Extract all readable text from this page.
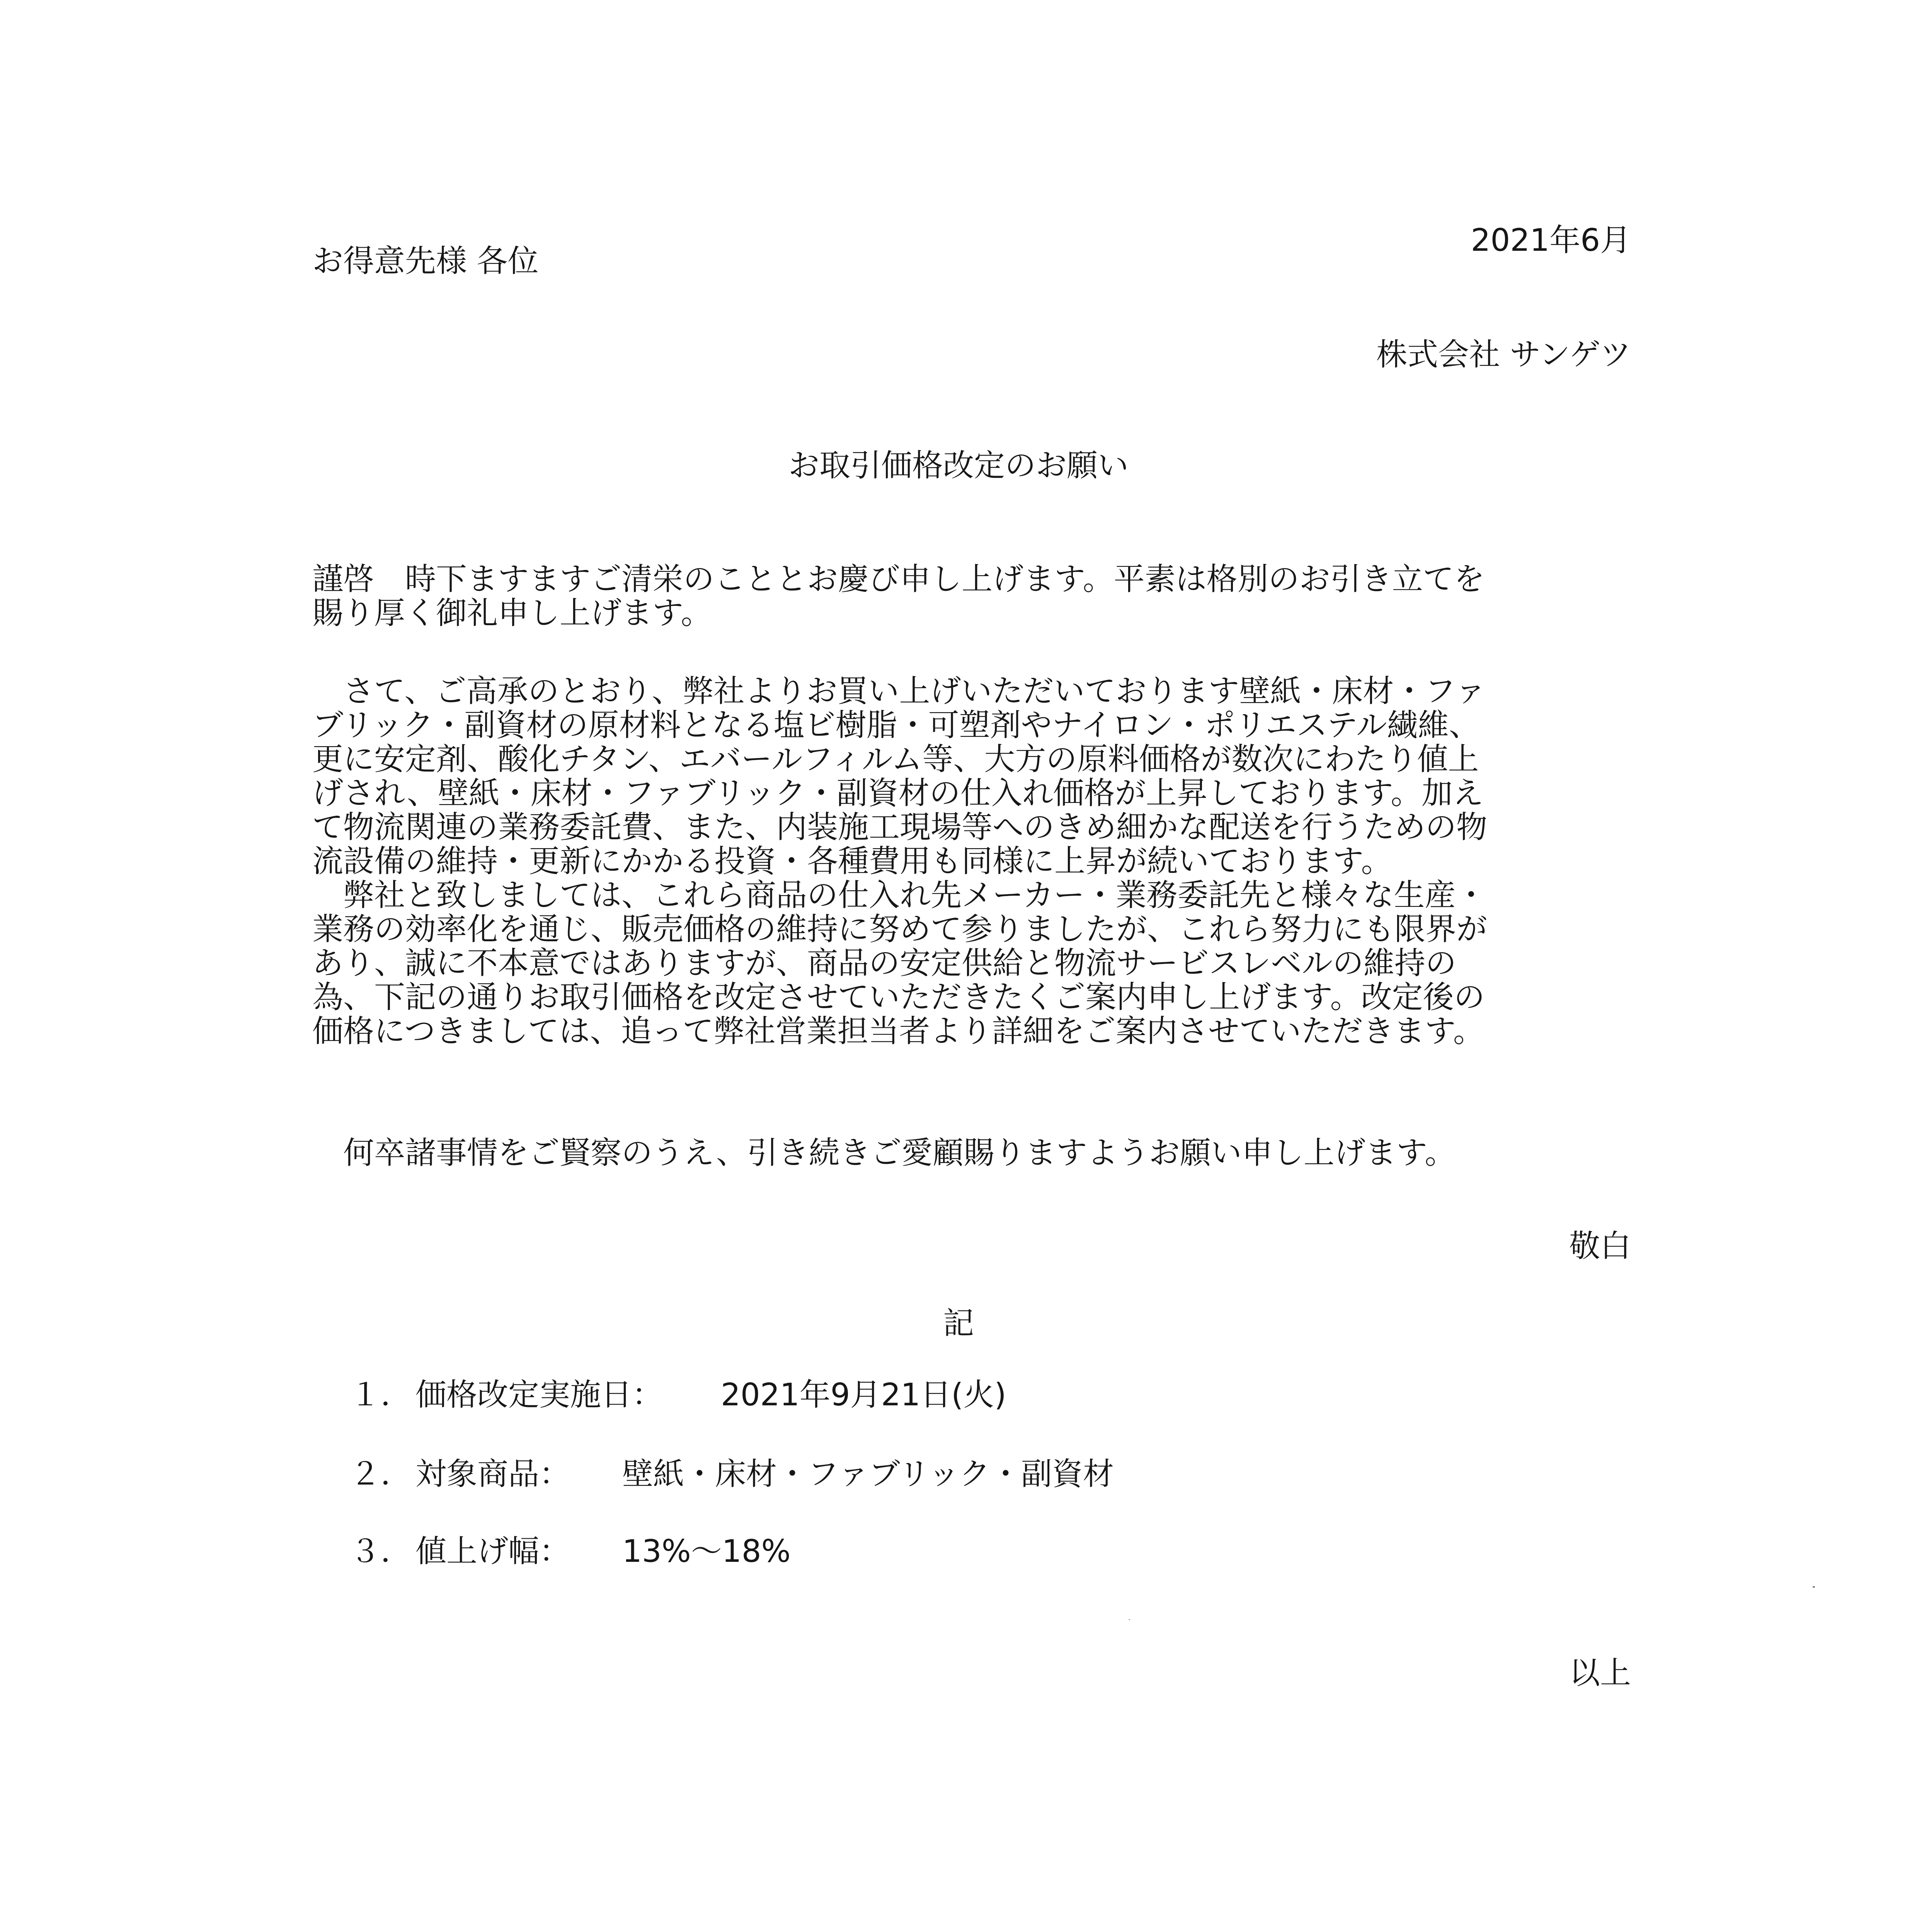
お得意先様 各位
2021年6月
株式会社 サンゲツ
お取引価格改定のお願い
謹啓　時下ますますご清栄のこととお慶び申し上げます。平素は格別のお引き立てを
賜り厚く御礼申し上げます。
　さて、ご高承のとおり、弊社よりお買い上げいただいております壁紙・床材・ファ
ブリック・副資材の原材料となる塩ビ樹脂・可塑剤やナイロン・ポリエステル繊維、
更に安定剤、酸化チタン、エバールフィルム等、大方の原料価格が数次にわたり値上
げされ、壁紙・床材・ファブリック・副資材の仕入れ価格が上昇しております。加え
て物流関連の業務委託費、また、内装施工現場等へのきめ細かな配送を行うための物
流設備の維持・更新にかかる投資・各種費用も同様に上昇が続いております。
　弊社と致しましては、これら商品の仕入れ先メーカー・業務委託先と様々な生産・
業務の効率化を通じ、販売価格の維持に努めて参りましたが、これら努力にも限界が
あり、誠に不本意ではありますが、商品の安定供給と物流サービスレベルの維持の
為、下記の通りお取引価格を改定させていただきたくご案内申し上げます。改定後の
価格につきましては、追って弊社営業担当者より詳細をご案内させていただきます。
　何卒諸事情をご賢察のうえ、引き続きご愛顧賜りますようお願い申し上げます。
敬白
記
１． 価格改定実施日： 2021年9月21日(火)
２． 対象商品： 壁紙・床材・ファブリック・副資材
３． 値上げ幅： 13%～18%
以上
